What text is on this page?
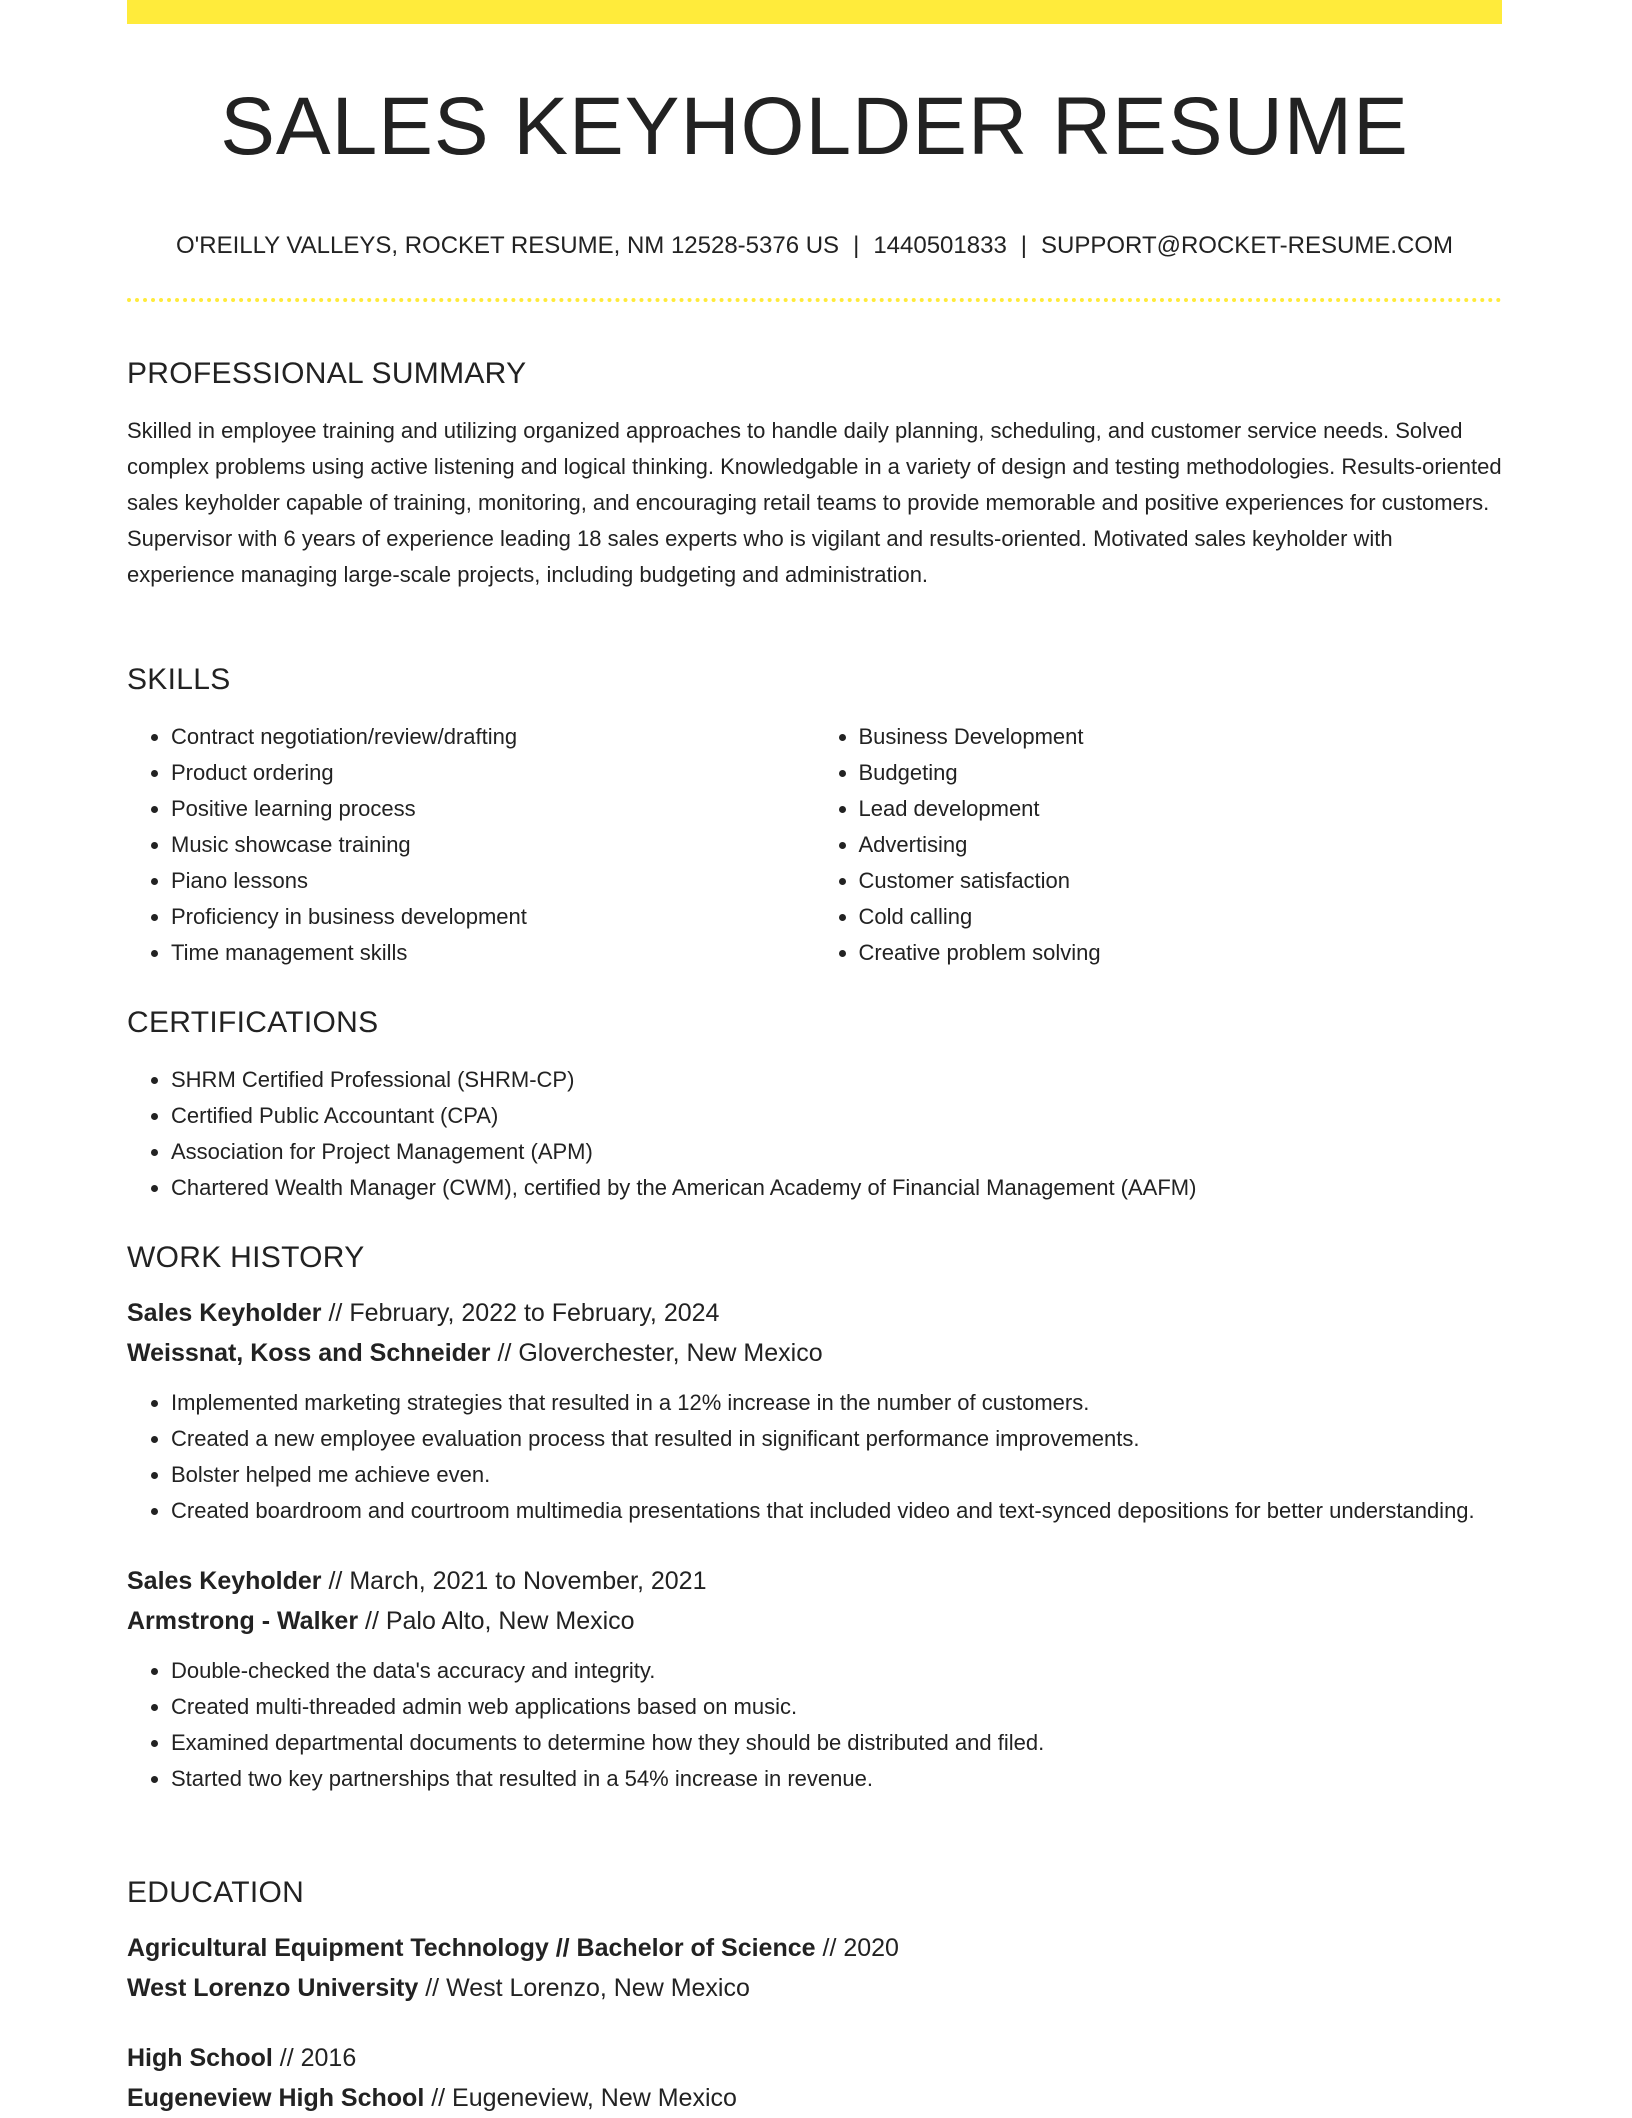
SALES KEYHOLDER RESUME
O'REILLY VALLEYS, ROCKET RESUME, NM 12528-5376 US | 1440501833 | SUPPORT@ROCKET-RESUME.COM
PROFESSIONAL SUMMARY

Skilled in employee training and utilizing organized approaches to handle daily planning, scheduling, and customer service needs. Solved complex problems using active listening and logical thinking. Knowledgable in a variety of design and testing methodologies. Results-oriented sales keyholder capable of training, monitoring, and encouraging retail teams to provide memorable and positive experiences for customers. Supervisor with 6 years of experience leading 18 sales experts who is vigilant and results-oriented. Motivated sales keyholder with experience managing large-scale projects, including budgeting and administration.

SKILLS
• Contract negotiation/review/drafting
• Product ordering
• Positive learning process
• Music showcase training
• Piano lessons
• Proficiency in business development
• Time management skills
• Business Development
• Budgeting
• Lead development
• Advertising
• Customer satisfaction
• Cold calling
• Creative problem solving
CERTIFICATIONS
• SHRM Certified Professional (SHRM-CP)
• Certified Public Accountant (CPA)
• Association for Project Management (APM)
• Chartered Wealth Manager (CWM), certified by the American Academy of Financial Management (AAFM)
WORK HISTORY
Sales Keyholder // February, 2022 to February, 2024
Weissnat, Koss and Schneider // Gloverchester, New Mexico
• Implemented marketing strategies that resulted in a 12% increase in the number of customers.
• Created a new employee evaluation process that resulted in significant performance improvements.
• Bolster helped me achieve even.
• Created boardroom and courtroom multimedia presentations that included video and text-synced depositions for better understanding.
Sales Keyholder // March, 2021 to November, 2021
Armstrong - Walker // Palo Alto, New Mexico
• Double-checked the data's accuracy and integrity.
• Created multi-threaded admin web applications based on music.
• Examined departmental documents to determine how they should be distributed and filed.
• Started two key partnerships that resulted in a 54% increase in revenue.
EDUCATION
Agricultural Equipment Technology // Bachelor of Science // 2020
West Lorenzo University // West Lorenzo, New Mexico
High School // 2016
Eugeneview High School // Eugeneview, New Mexico
